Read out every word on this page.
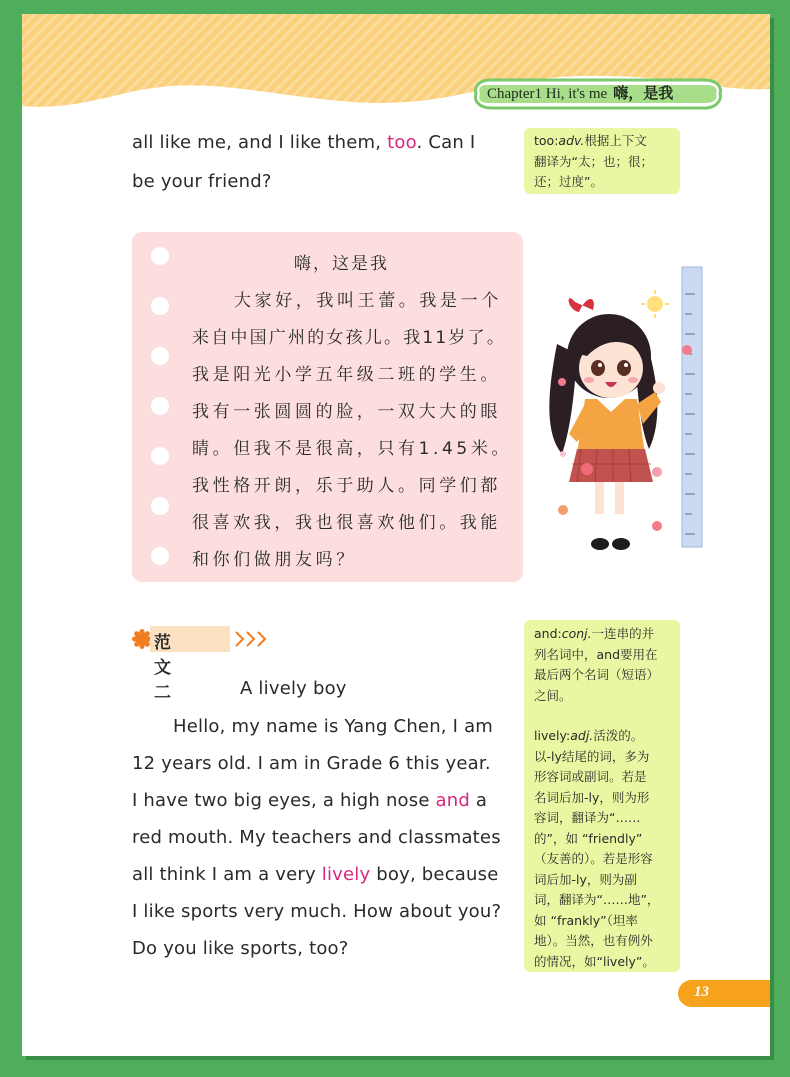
Chapter1 Hi, it's me 嗨，是我
all like me, and I like them, too. Can I
be your friend?
too:adv.根据上下文
翻译为“太；也；很；
还；过度”。
嗨，这是我
大家好，我叫王蕾。我是一个
来自中国广州的女孩儿。我11岁了。
我是阳光小学五年级二班的学生。
我有一张圆圆的脸，一双大大的眼
睛。但我不是很高，只有1.45米。
我性格开朗，乐于助人。同学们都
很喜欢我，我也很喜欢他们。我能
和你们做朋友吗？
范文二	A lively boy
Hello, my name is Yang Chen, I am
12 years old. I am in Grade 6 this year.
I have two big eyes, a high nose and a
red mouth. My teachers and classmates
all think I am a very lively boy, because
I like sports very much. How about you?
Do you like sports, too?
and:conj.一连串的并
列名词中，and要用在
最后两个名词（短语）
之间。
lively:adj.活泼的。
以-ly结尾的词，多为
形容词或副词。若是
名词后加-ly，则为形
容词，翻译为“……
的”，如 “friendly”
（友善的）。若是形容
词后加-ly，则为副
词，翻译为“……地”，
如 “frankly”（坦率
地）。当然，也有例外
的情况，如“lively”。
13
